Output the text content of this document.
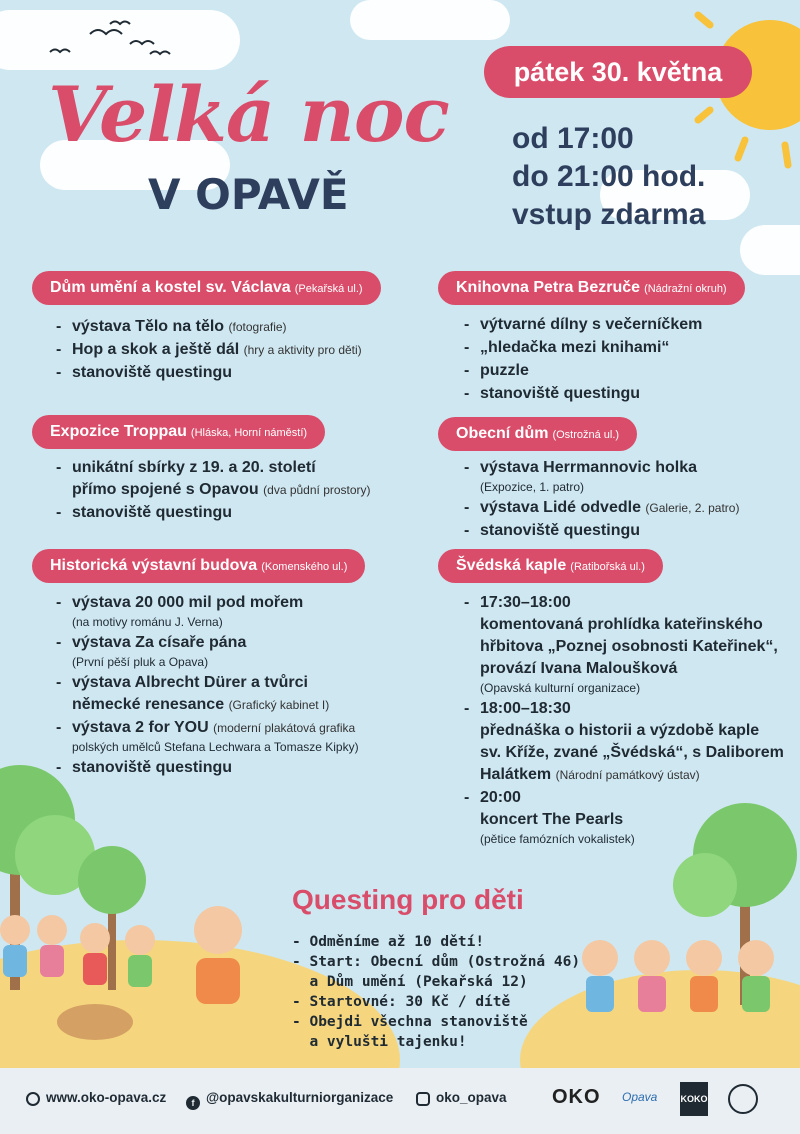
Velká noc
V OPAVĚ
pátek 30. května
od 17:00
do 21:00 hod.
vstup zdarma
Dům umění a kostel sv. Václava (Pekařská ul.)
- výstava Tělo na tělo (fotografie)
- Hop a skok a ještě dál (hry a aktivity pro děti)
- stanoviště questingu
Expozice Troppau (Hláska, Horní náměstí)
- unikátní sbírky z 19. a 20. století
přímo spojené s Opavou (dva půdní prostory)
- stanoviště questingu
Historická výstavní budova (Komenského ul.)
- výstava 20 000 mil pod mořem
(na motivy románu J. Verna)
- výstava Za císaře pána
(První pěší pluk a Opava)
- výstava Albrecht Dürer a tvůrci
německé renesance (Grafický kabinet I)
- výstava 2 for YOU (moderní plakátová grafika
polských umělců Stefana Lechwara a Tomasze Kipky)
- stanoviště questingu
Knihovna Petra Bezruče (Nádražní okruh)
- výtvarné dílny s večerníčkem
- „hledačka mezi knihami“
- puzzle
- stanoviště questingu
Obecní dům (Ostrožná ul.)
- výstava Herrmannovic holka
(Expozice, 1. patro)
- výstava Lidé odvedle (Galerie, 2. patro)
- stanoviště questingu
Švédská kaple (Ratibořská ul.)
- 17:30–18:00
komentovaná prohlídka kateřinského
hřbitova „Poznej osobnosti Kateřinek“,
provází Ivana Maloušková
(Opavská kulturní organizace)
- 18:00–18:30
přednáška o historii a výzdobě kaple
sv. Kříže, zvané „Švédská“, s Daliborem
Halátkem (Národní památkový ústav)
- 20:00
koncert The Pearls
(pětice famózních vokalistek)
Questing pro děti
- Odměníme až 10 dětí!
- Start: Obecní dům (Ostrožná 46)
a Dům umění (Pekařská 12)
- Startovné: 30 Kč / dítě
- Obejdi všechna stanoviště
a vylušti tajenku!
www.oko-opava.cz	f @opavskakulturniorganizace	oko_opava OKO Opava	KOKO
